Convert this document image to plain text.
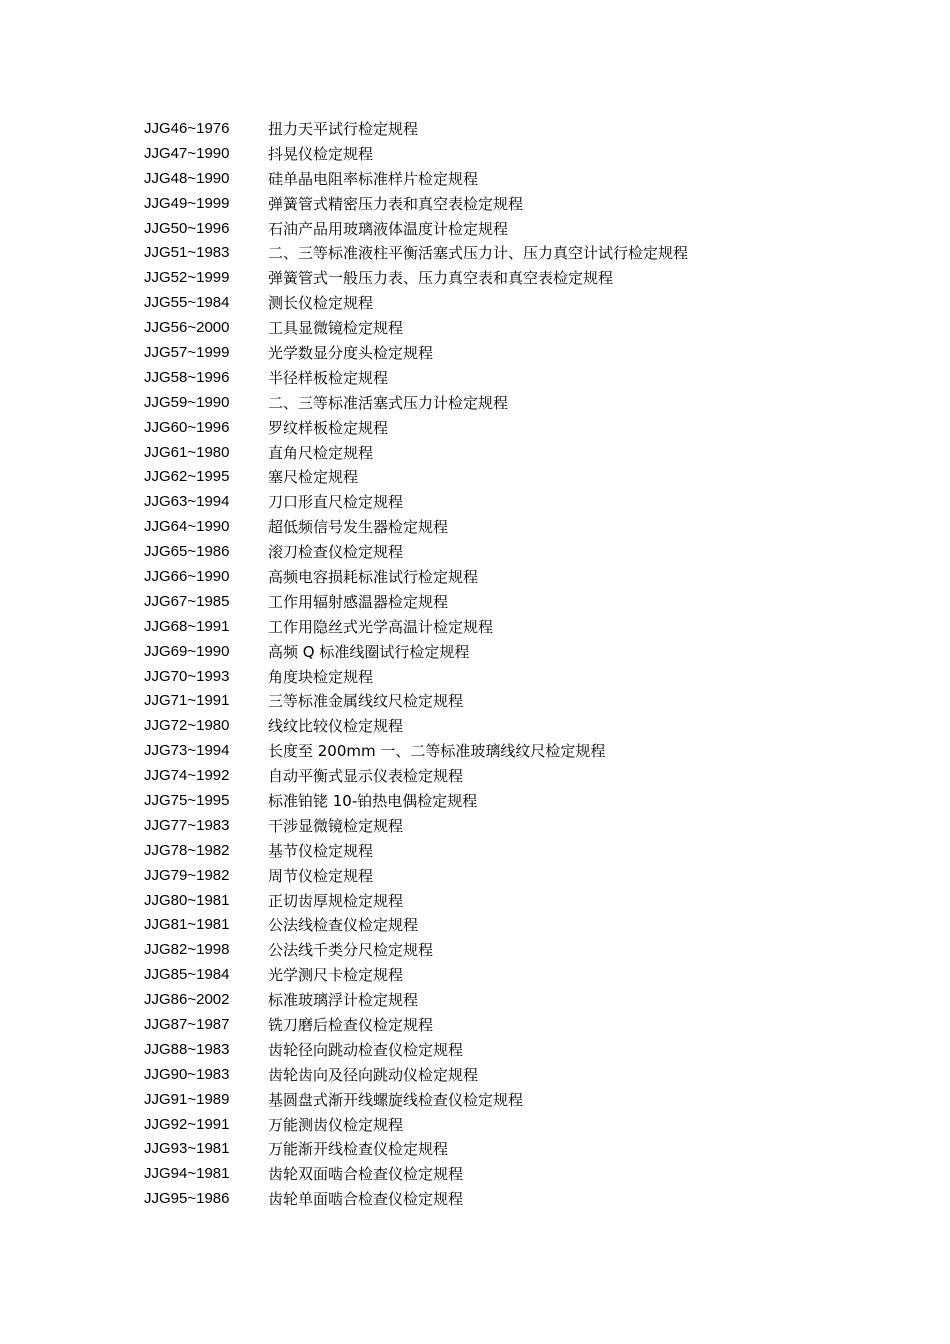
JJG46~1976	扭力天平试行检定规程
JJG47~1990	抖晃仪检定规程
JJG48~1990	硅单晶电阻率标准样片检定规程
JJG49~1999	弹簧管式精密压力表和真空表检定规程
JJG50~1996	石油产品用玻璃液体温度计检定规程
JJG51~1983	二、三等标准液柱平衡活塞式压力计、压力真空计试行检定规程
JJG52~1999	弹簧管式一般压力表、压力真空表和真空表检定规程
JJG55~1984	测长仪检定规程
JJG56~2000	工具显微镜检定规程
JJG57~1999	光学数显分度头检定规程
JJG58~1996	半径样板检定规程
JJG59~1990	二、三等标准活塞式压力计检定规程
JJG60~1996	罗纹样板检定规程
JJG61~1980	直角尺检定规程
JJG62~1995	塞尺检定规程
JJG63~1994	刀口形直尺检定规程
JJG64~1990	超低频信号发生器检定规程
JJG65~1986	滚刀检查仪检定规程
JJG66~1990	高频电容损耗标准试行检定规程
JJG67~1985	工作用辐射感温器检定规程
JJG68~1991	工作用隐丝式光学高温计检定规程
JJG69~1990	高频 Q 标准线圈试行检定规程
JJG70~1993	角度块检定规程
JJG71~1991	三等标准金属线纹尺检定规程
JJG72~1980	线纹比较仪检定规程
JJG73~1994	长度至 200mm 一、二等标准玻璃线纹尺检定规程
JJG74~1992	自动平衡式显示仪表检定规程
JJG75~1995	标准铂铑 10-铂热电偶检定规程
JJG77~1983	干涉显微镜检定规程
JJG78~1982	基节仪检定规程
JJG79~1982	周节仪检定规程
JJG80~1981	正切齿厚规检定规程
JJG81~1981	公法线检查仪检定规程
JJG82~1998	公法线千类分尺检定规程
JJG85~1984	光学测尺卡检定规程
JJG86~2002	标准玻璃浮计检定规程
JJG87~1987	铣刀磨后检查仪检定规程
JJG88~1983	齿轮径向跳动检查仪检定规程
JJG90~1983	齿轮齿向及径向跳动仪检定规程
JJG91~1989	基圆盘式渐开线螺旋线检查仪检定规程
JJG92~1991	万能测齿仪检定规程
JJG93~1981	万能渐开线检查仪检定规程
JJG94~1981	齿轮双面啮合检查仪检定规程
JJG95~1986	齿轮单面啮合检查仪检定规程
